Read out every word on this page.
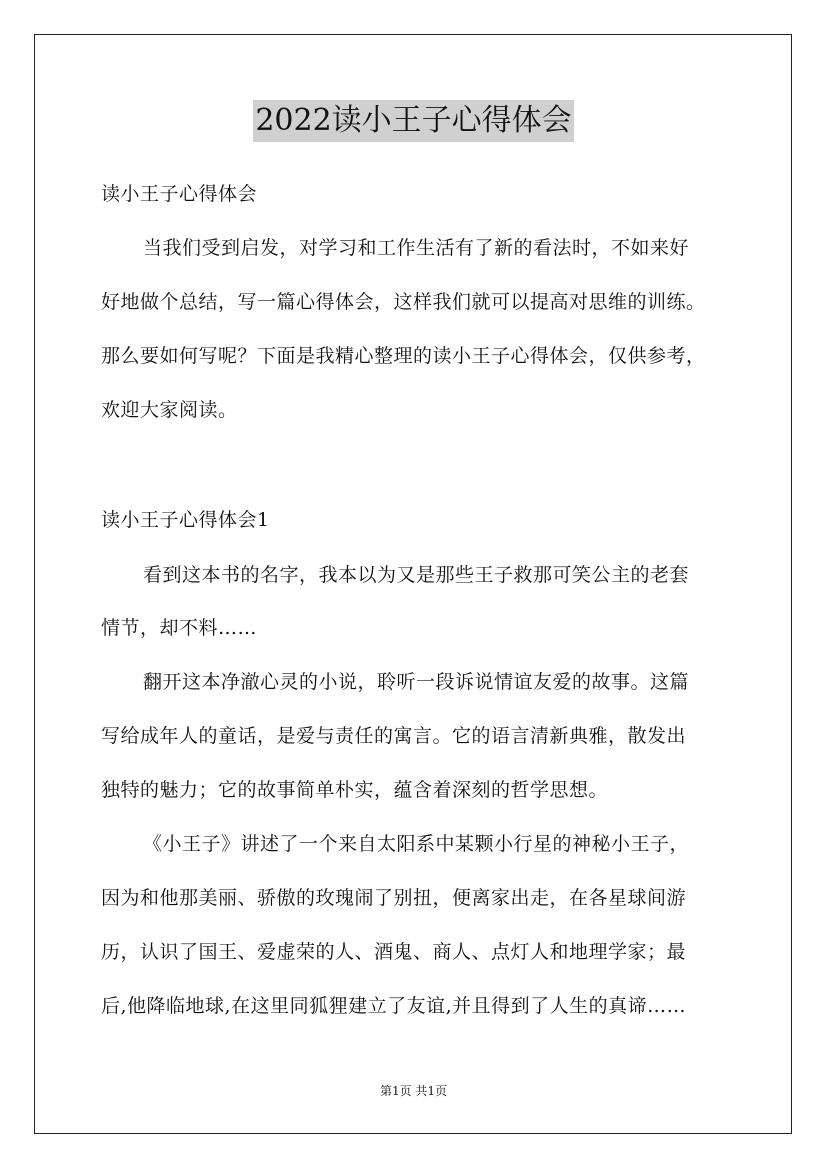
2022读小王子心得体会
读小王子心得体会
当我们受到启发，对学习和工作生活有了新的看法时，不如来好
好地做个总结，写一篇心得体会，这样我们就可以提高对思维的训练。
那么要如何写呢？下面是我精心整理的读小王子心得体会，仅供参考，
欢迎大家阅读。
读小王子心得体会1
看到这本书的名字，我本以为又是那些王子救那可笑公主的老套
情节，却不料……
翻开这本净澈心灵的小说，聆听一段诉说情谊友爱的故事。这篇
写给成年人的童话，是爱与责任的寓言。它的语言清新典雅，散发出
独特的魅力；它的故事简单朴实，蕴含着深刻的哲学思想。
《小王子》讲述了一个来自太阳系中某颗小行星的神秘小王子，
因为和他那美丽、骄傲的玫瑰闹了别扭，便离家出走，在各星球间游
历，认识了国王、爱虚荣的人、酒鬼、商人、点灯人和地理学家；最
后,他降临地球,在这里同狐狸建立了友谊,并且得到了人生的真谛……
第1页 共1页
